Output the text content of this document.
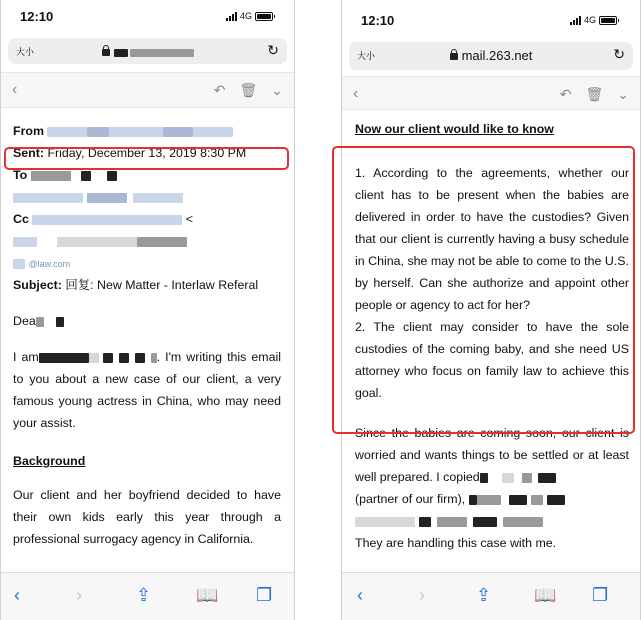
12:10	4G
大小	↻
‹	↶ 🗑 ⌄
From
Sent: Friday, December 13, 2019 8:30 PM
To
Cc	<
@law.com
Subject: 回复: New Matter - Interlaw Referal
Dea
I am	. I'm writing this email to you about a new case of our client, a very famous young actress in China, who may need your assist.
Background
Our client and her boyfriend decided to have their own kids early this year through a professional surrogacy agency in California.
‹	›	⇪ 📖 ❐
12:10	4G
大小	mail.263.net	↻
‹	↶ 🗑 ⌄
Now our client would like to know
1. According to the agreements, whether our client has to be present when the babies are delivered in order to have the custodies? Given that our client is currently having a busy schedule in China, she may not be able to come to the U.S. by herself. Can she authorize and appoint other people or agency to act for her?
2. The client may consider to have the sole custodies of the coming baby, and she need US attorney who focus on family law to achieve this goal.
Since the babies are coming soon, our client is worried and wants things to be settled or at least well prepared. I copied
(partner of our firm),

They are handling this case with me.
‹	›	⇪ 📖 ❐
